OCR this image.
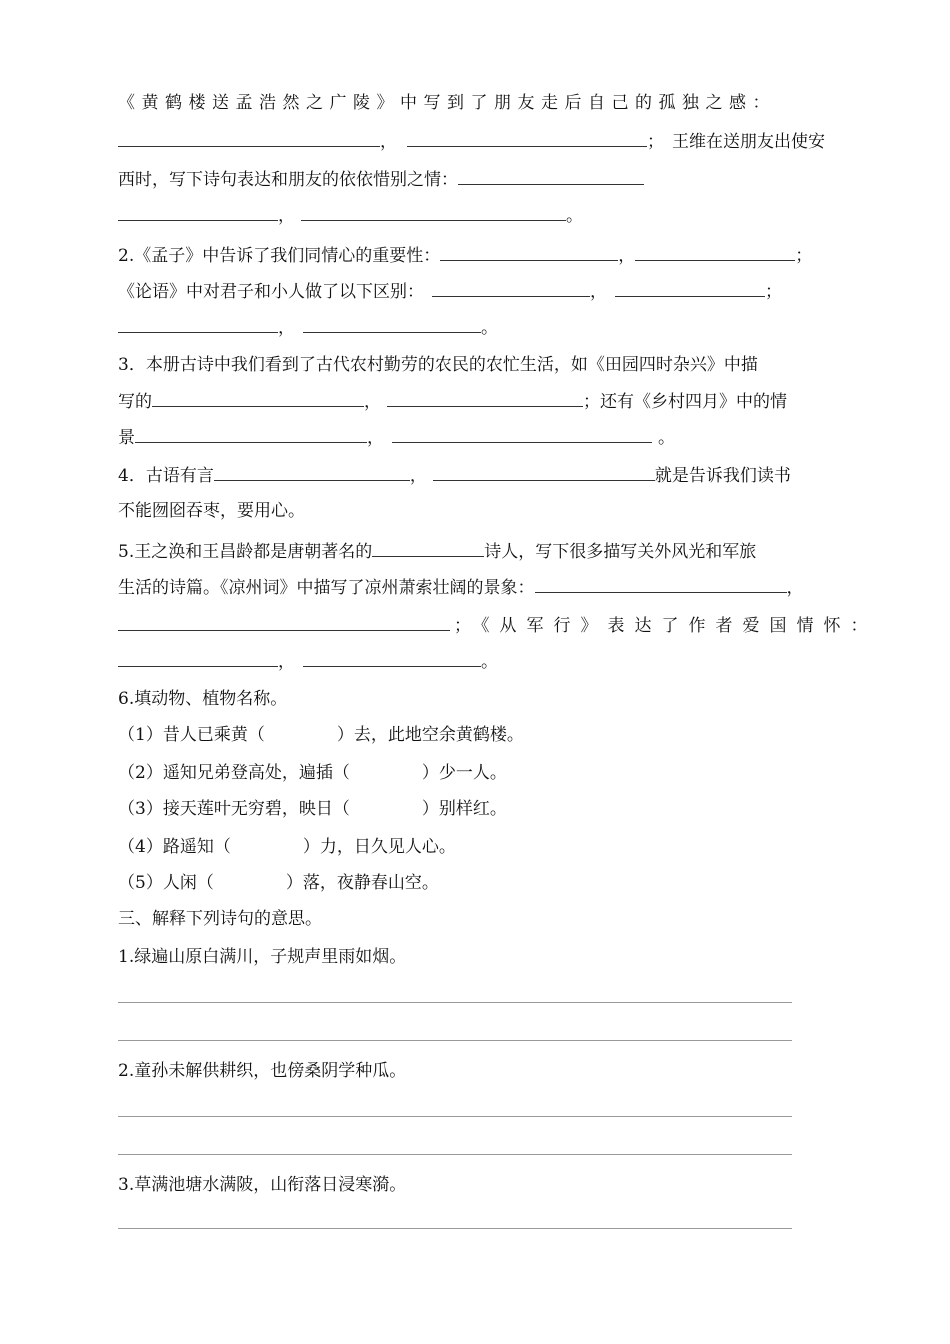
《黄鹤楼送孟浩然之广陵》中写到了朋友走后自己的孤独之感：
，	； 王维在送朋友出使安
西时，写下诗句表达和朋友的依依惜别之情：
，	。
2.《孟子》中告诉了我们同情心的重要性：	，	；
《论语》中对君子和小人做了以下区别：	，	；
，	。
3．本册古诗中我们看到了古代农村勤劳的农民的农忙生活，如《田园四时杂兴》中描
写的	，	；还有《乡村四月》中的情
景	，	。
4．古语有言	，	就是告诉我们读书
不能囫囵吞枣，要用心。
5.王之涣和王昌龄都是唐朝著名的	诗人，写下很多描写关外风光和军旅
生活的诗篇。《凉州词》中描写了凉州萧索壮阔的景象：	，
；《从军行》表达了作者爱国情怀：
，	。
6.填动物、植物名称。
（1）昔人已乘黄（	）去，此地空余黄鹤楼。
（2）遥知兄弟登高处，遍插（	）少一人。
（3）接天莲叶无穷碧，映日（	）别样红。
（4）路遥知（	）力，日久见人心。
（5）人闲（	）落，夜静春山空。
三、解释下列诗句的意思。
1.绿遍山原白满川，子规声里雨如烟。
2.童孙未解供耕织，也傍桑阴学种瓜。
3.草满池塘水满陂，山衔落日浸寒漪。
